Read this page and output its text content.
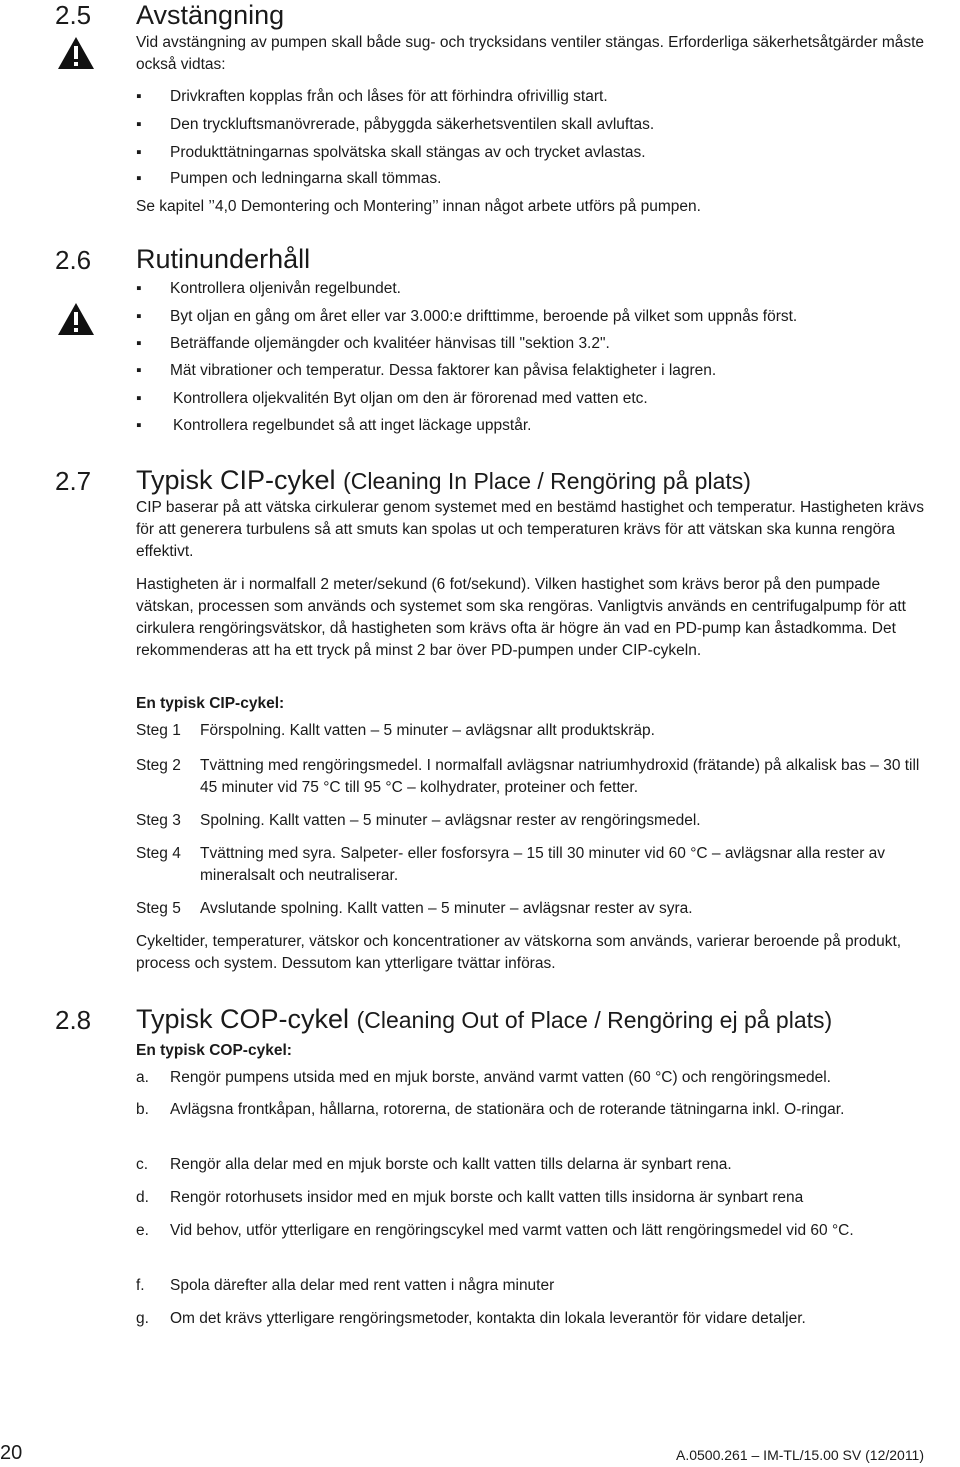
2.5 Avstängning
Vid avstängning av pumpen skall både sug- och trycksidans ventiler stängas. Erforderliga säkerhetsåtgärder måste också vidtas:
▪ Drivkraften kopplas från och låses för att förhindra ofrivillig start.
▪ Den tryckluftsmanövrerade, påbyggda säkerhetsventilen skall avluftas.
▪ Produkttätningarnas spolvätska skall stängas av och trycket avlastas.
▪ Pumpen och ledningarna skall tömmas.
Se kapitel ’’4,0 Demontering och Montering’’ innan något arbete utförs på pumpen.
2.6 Rutinunderhåll
▪ Kontrollera oljenivån regelbundet.
▪ Byt oljan en gång om året eller var 3.000:e drifttimme, beroende på vilket som uppnås först.
▪ Beträffande oljemängder och kvalitéer hänvisas till "sektion 3.2".
▪ Mät vibrationer och temperatur. Dessa faktorer kan påvisa felaktigheter i lagren.
▪ Kontrollera oljekvalitén Byt oljan om den är förorenad med vatten etc.
▪ Kontrollera regelbundet så att inget läckage uppstår.
2.7 Typisk CIP-cykel (Cleaning In Place / Rengöring på plats)
CIP baserar på att vätska cirkulerar genom systemet med en bestämd hastighet och temperatur. Hastigheten krävs för att generera turbulens så att smuts kan spolas ut och temperaturen krävs för att vätskan ska kunna rengöra effektivt.
Hastigheten är i normalfall 2 meter/sekund (6 fot/sekund). Vilken hastighet som krävs beror på den pumpade vätskan, processen som används och systemet som ska rengöras. Vanligtvis används en centrifugalpump för att cirkulera rengöringsvätskor, då hastigheten som krävs ofta är högre än vad en PD-pump kan åstadkomma. Det rekommenderas att ha ett tryck på minst 2 bar över PD-pumpen under CIP-cykeln.
En typisk CIP-cykel:
Steg 1 Förspolning. Kallt vatten – 5 minuter – avlägsnar allt produktskräp.
Steg 2 Tvättning med rengöringsmedel. I normalfall avlägsnar natriumhydroxid (frätande) på alkalisk bas – 30 till 45 minuter vid 75 °C till 95 °C – kolhydrater, proteiner och fetter.
Steg 3 Spolning. Kallt vatten – 5 minuter – avlägsnar rester av rengöringsmedel.
Steg 4 Tvättning med syra. Salpeter- eller fosforsyra – 15 till 30 minuter vid 60 °C – avlägsnar alla rester av mineralsalt och neutraliserar.
Steg 5 Avslutande spolning. Kallt vatten – 5 minuter – avlägsnar rester av syra.
Cykeltider, temperaturer, vätskor och koncentrationer av vätskorna som används, varierar beroende på produkt, process och system. Dessutom kan ytterligare tvättar införas.
2.8 Typisk COP-cykel (Cleaning Out of Place / Rengöring ej på plats)
En typisk COP-cykel:
a. Rengör pumpens utsida med en mjuk borste, använd varmt vatten (60 °C) och rengöringsmedel.
b. Avlägsna frontkåpan, hållarna, rotorerna, de stationära och de roterande tätningarna inkl. O-ringar.
c. Rengör alla delar med en mjuk borste och kallt vatten tills delarna är synbart rena.
d. Rengör rotorhusets insidor med en mjuk borste och kallt vatten tills insidorna är synbart rena
e. Vid behov, utför ytterligare en rengöringscykel med varmt vatten och lätt rengöringsmedel vid 60 °C.
f. Spola därefter alla delar med rent vatten i några minuter
g. Om det krävs ytterligare rengöringsmetoder, kontakta din lokala leverantör för vidare detaljer.
20	A.0500.261 – IM-TL/15.00 SV (12/2011)
